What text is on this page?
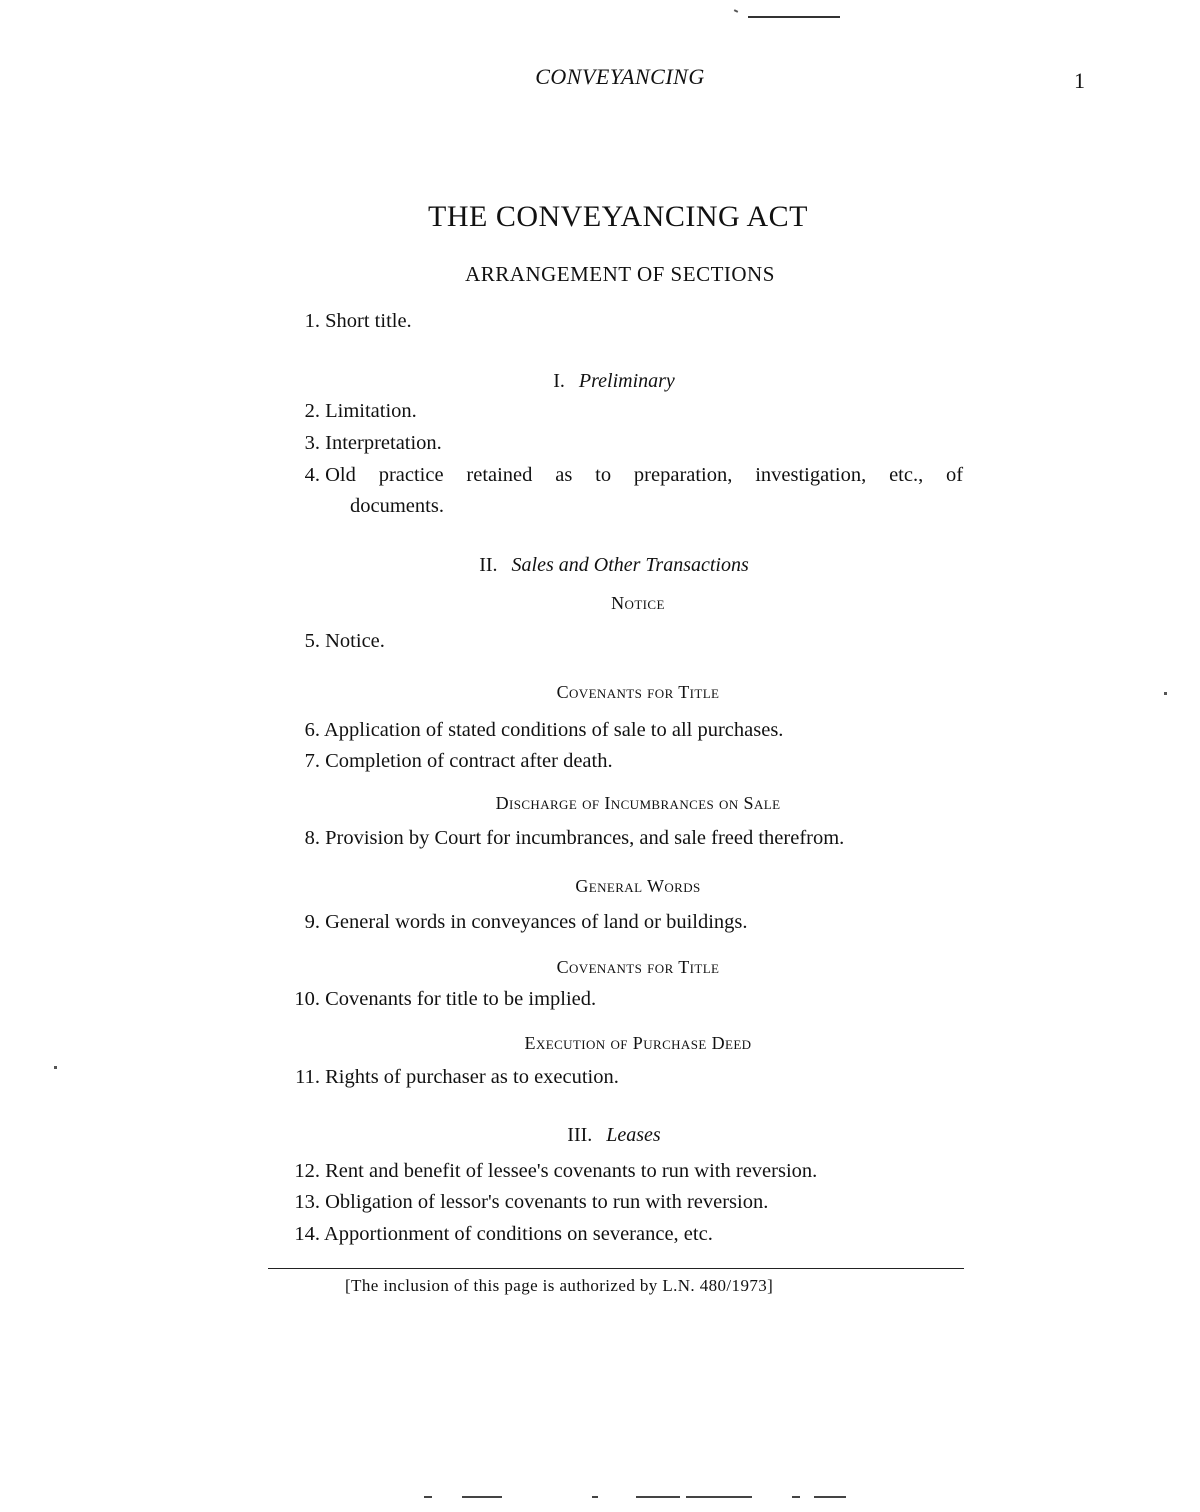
CONVEYANCING	1
THE CONVEYANCING ACT
ARRANGEMENT OF SECTIONS
1. Short title.
I. Preliminary
2. Limitation.
3. Interpretation.
4. Old practice retained as to preparation, investigation, etc., of
documents.
II. Sales and Other Transactions
Notice
5. Notice.
Covenants for Title
6. Application of stated conditions of sale to all purchases.
7. Completion of contract after death.
Discharge of Incumbrances on Sale
8. Provision by Court for incumbrances, and sale freed therefrom.
General Words
9. General words in conveyances of land or buildings.
Covenants for Title
10. Covenants for title to be implied.
Execution of Purchase Deed
11. Rights of purchaser as to execution.
III. Leases
12. Rent and benefit of lessee's covenants to run with reversion.
13. Obligation of lessor's covenants to run with reversion.
14. Apportionment of conditions on severance, etc.
[The inclusion of this page is authorized by L.N. 480/1973]
